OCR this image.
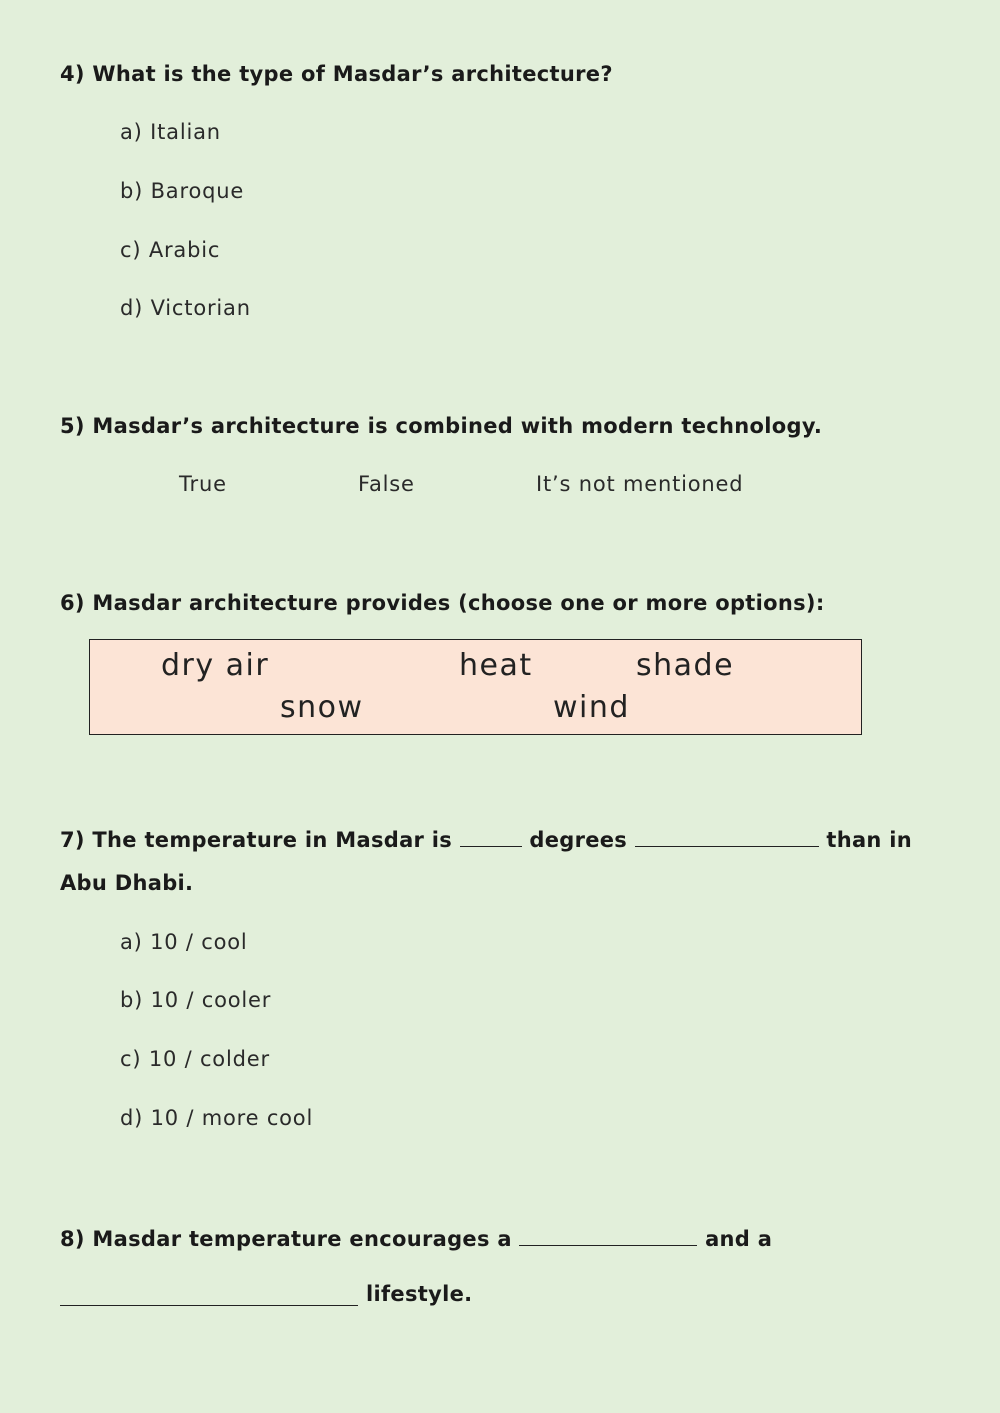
4) What is the type of Masdar’s architecture?
a) Italian
b) Baroque
c) Arabic
d) Victorian
5) Masdar’s architecture is combined with modern technology.
True	False	It’s not mentioned
6) Masdar architecture provides (choose one or more options):
dry air	heat	shade
snow	wind
7) The temperature in Masdar is	degrees	than in
Abu Dhabi.
a) 10 / cool
b) 10 / cooler
c) 10 / colder
d) 10 / more cool
8) Masdar temperature encourages a	and a
lifestyle.
